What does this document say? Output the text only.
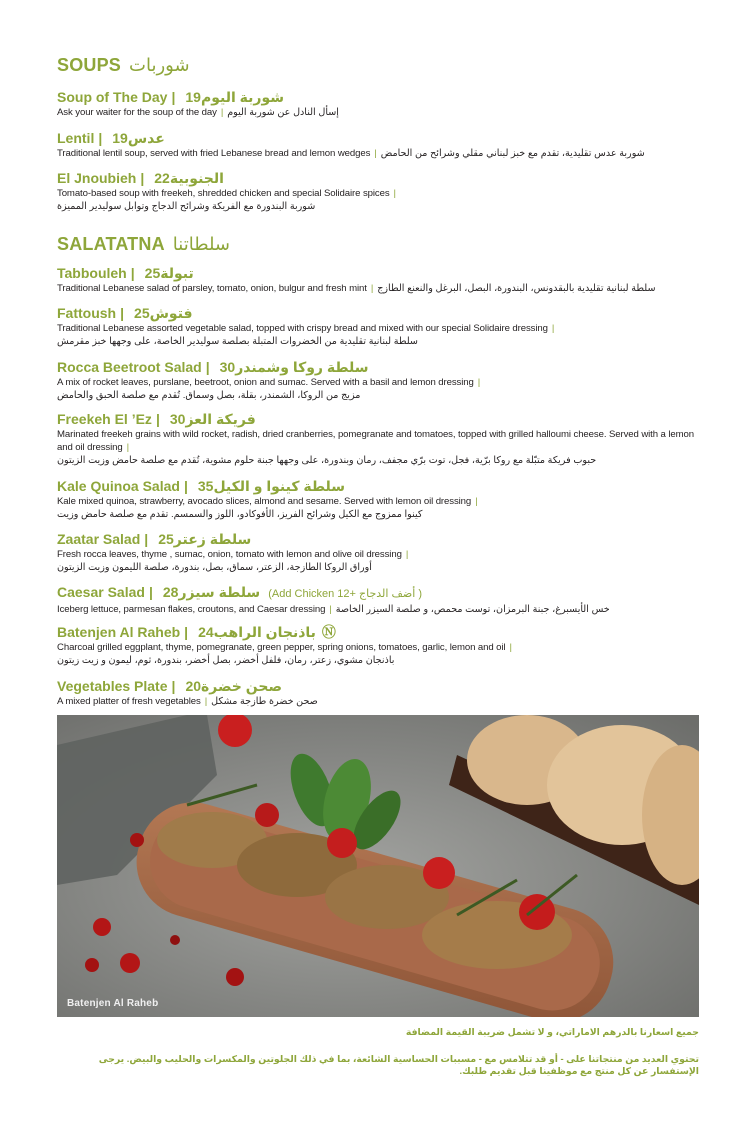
SOUPS شوربات
Soup of The Day | شوربة اليوم19
Ask your waiter for the soup of the day | إسأل النادل عن شوربة اليوم
Lentil | عدس19
Traditional lentil soup, served with fried Lebanese bread and lemon wedges | شوربة عدس تقليدية، تقدم مع خبز لبناني مقلي وشرائح من الحامض
El Jnoubieh | الجنوبية22
Tomato-based soup with freekeh, shredded chicken and special Solidaire spices |
شوربة البندورة مع الفريكة وشرائح الدجاج وتوابل سوليدير المميزة
SALATATNA سلطاتنا
Tabbouleh | تبولة25
Traditional Lebanese salad of parsley, tomato, onion, bulgur and fresh mint | سلطة لبنانية تقليدية بالبقدونس، البندورة، البصل، البرغل والنعنع الطازج
Fattoush | فتوش25
Traditional Lebanese assorted vegetable salad, topped with crispy bread and mixed with our special Solidaire dressing |
سلطة لبنانية تقليدية من الخضروات المتبلة بصلصة سوليدير الخاصة، على وجهها خبز مقرمش
Rocca Beetroot Salad | سلطة روكا وشمندر30
A mix of rocket leaves, purslane, beetroot, onion and sumac. Served with a basil and lemon dressing |
مزيج من الروكا، الشمندر، بقلة، بصل وسماق. تُقدم مع صلصة الحبق والحامض
Freekeh El ’Ez | فريكة العز30
Marinated freekeh grains with wild rocket, radish, dried cranberries, pomegranate and tomatoes, topped with grilled halloumi cheese. Served with a lemon and oil dressing |
حبوب فريكة متبّلة مع روكا برّية، فجل، توت برّي مجفف، رمان وبندورة، على وجهها جبنة حلوم مشوية، تُقدم مع صلصة حامض وزيت الزيتون
Kale Quinoa Salad | سلطة كينوا و الكيل35
Kale mixed quinoa, strawberry, avocado slices, almond and sesame. Served with lemon oil dressing |
كينوا ممزوج مع الكيل وشرائح الفريز، الأفوكادو، اللوز والسمسم. تقدم مع صلصة حامض وزيت
Zaatar Salad | سلطة زعتر25
Fresh rocca leaves, thyme , sumac, onion, tomato with lemon and olive oil dressing |
أوراق الروكا الطازجة، الزعتر، سماق، بصل، بندورة، صلصة الليمون وزيت الزيتون
Caesar Salad | سلطة سيزر28	(Add Chicken 12+ أضف الدجاج )
Iceberg lettuce, parmesan flakes, croutons, and Caesar dressing | خس الأيسبرغ، جبنة البرمزان، توست محمص، و صلصة السيزر الخاصة
Batenjen Al Raheb | باذنجان الراهب24	Ⓝ
Charcoal grilled eggplant, thyme, pomegranate, green pepper, spring onions, tomatoes, garlic, lemon and oil |
باذنجان مشوي، زعتر، رمان، فلفل أخضر، بصل أخضر، بندورة، ثوم، ليمون و زيت زيتون
Vegetables Plate | صحن خضرة20
A mixed platter of fresh vegetables | صحن خضرة طازجة مشكل
Batenjen Al Raheb
جميع اسعارنا بالدرهم الاماراتي، و لا تشمل ضريبة القيمة المضافة
تحتوي العديد من منتجاتنا على - أو قد تتلامس مع - مسببات الحساسية الشائعة، بما في ذلك الجلوتين والمكسرات والحليب والبيض. يرجى الإستفسار عن كل منتج مع موظفينا قبل تقديم طلبك.
